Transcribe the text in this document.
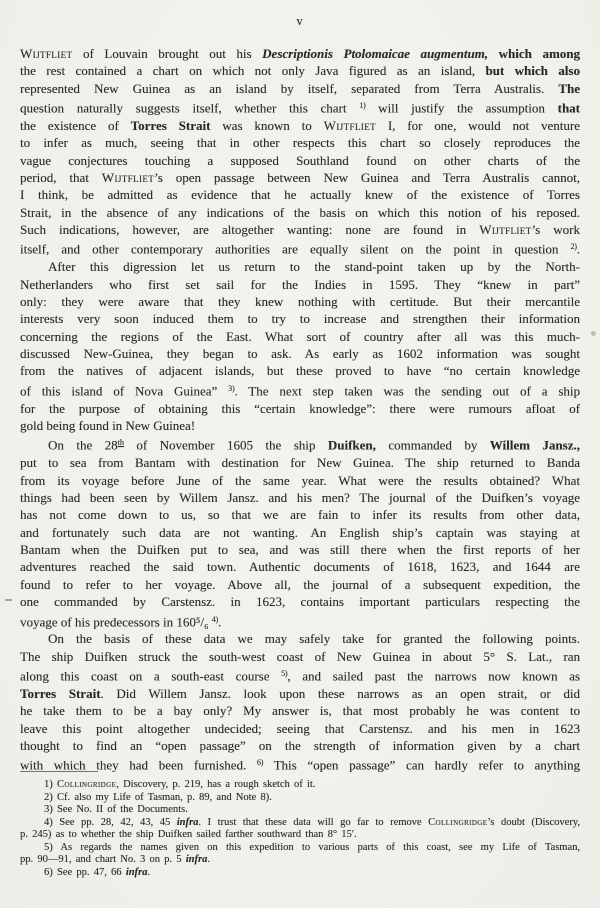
v
Wijtfliet of Louvain brought out his Descriptionis Ptolomaicae augmentum, which among
the rest contained a chart on which not only Java figured as an island, but which also
represented New Guinea as an island by itself, separated from Terra Australis. The
question naturally suggests itself, whether this chart $^{1)}$ will justify the assumption that
the existence of Torres Strait was known to Wijtfliet I, for one, would not venture
to infer as much, seeing that in other respects this chart so closely reproduces the
vague conjectures touching a supposed Southland found on other charts of the
period, that Wijtfliet’s open passage between New Guinea and Terra Australis cannot,
I think, be admitted as evidence that he actually knew of the existence of Torres
Strait, in the absence of any indications of the basis on which this notion of his reposed.
Such indications, however, are altogether wanting: none are found in Wijtfliet’s work
itself, and other contemporary authorities are equally silent on the point in question $^{2)}$.
After this digression let us return to the stand-point taken up by the North-
Netherlanders who first set sail for the Indies in 1595. They “knew in part”
only: they were aware that they knew nothing with certitude. But their mercantile
interests very soon induced them to try to increase and strengthen their information
concerning the regions of the East. What sort of country after all was this much-
discussed New-Guinea, they began to ask. As early as 1602 information was sought
from the natives of adjacent islands, but these proved to have “no certain knowledge
of this island of Nova Guinea” $^{3)}$. The next step taken was the sending out of a ship
for the purpose of obtaining this “certain knowledge”: there were rumours afloat of
gold being found in New Guinea!
On the 28th of November 1605 the ship Duifken, commanded by Willem Jansz.,
put to sea from Bantam with destination for New Guinea. The ship returned to Banda
from its voyage before June of the same year. What were the results obtained? What
things had been seen by Willem Jansz. and his men? The journal of the Duifken’s voyage
has not come down to us, so that we are fain to infer its results from other data,
and fortunately such data are not wanting. An English ship’s captain was staying at
Bantam when the Duifken put to sea, and was still there when the first reports of her
adventures reached the said town. Authentic documents of 1618, 1623, and 1644 are
found to refer to her voyage. Above all, the journal of a subsequent expedition, the
one commanded by Carstensz. in 1623, contains important particulars respecting the
voyage of his predecessors in 160⁵/₆ $^{4)}$.
On the basis of these data we may safely take for granted the following points.
The ship Duifken struck the south-west coast of New Guinea in about 5° S. Lat., ran
along this coast on a south-east course $^{5)}$, and sailed past the narrows now known as
Torres Strait. Did Willem Jansz. look upon these narrows as an open strait, or did
he take them to be a bay only? My answer is, that most probably he was content to
leave this point altogether undecided; seeing that Carstensz. and his men in 1623
thought to find an “open passage” on the strength of information given by a chart
with which they had been furnished. $^{6)}$ This “open passage” can hardly refer to anything
1) Collingridge, Discovery, p. 219, has a rough sketch of it.
2) Cf. also my Life of Tasman, p. 89, and Note 8).
3) See No. II of the Documents.
4) See pp. 28, 42, 43, 45 infra. I trust that these data will go far to remove Collingridge’s doubt (Discovery,
p. 245) as to whether the ship Duifken sailed farther southward than 8° 15′.
5) As regards the names given on this expedition to various parts of this coast, see my Life of Tasman,
pp. 90—91, and chart No. 3 on p. 5 infra.
6) See pp. 47, 66 infra.
